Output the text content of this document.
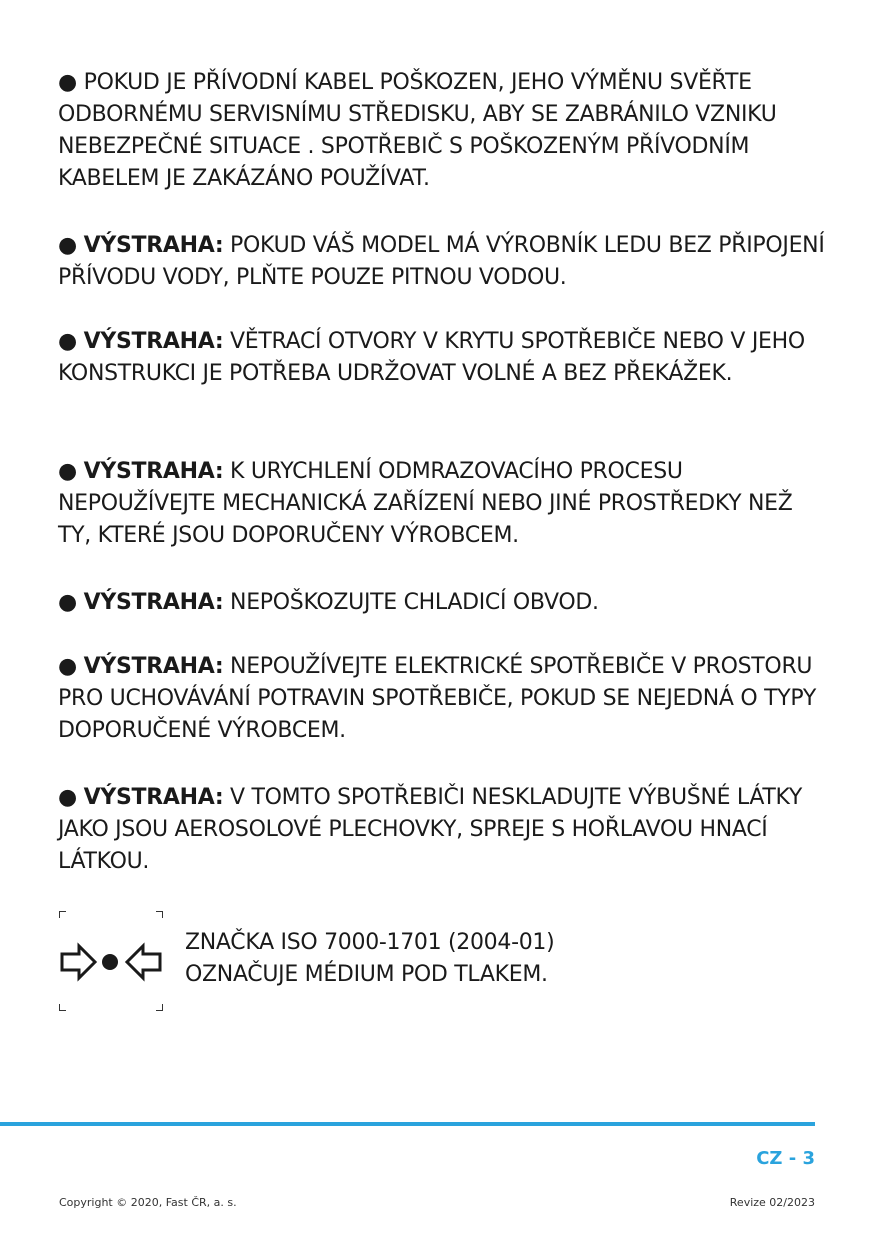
● POKUD JE PŘÍVODNÍ KABEL POŠKOZEN, JEHO VÝMĚNU SVĚŘTE ODBORNÉMU SERVISNÍMU STŘEDISKU, ABY SE ZABRÁNILO VZNIKU NEBEZPEČNÉ SITUACE . SPOTŘEBIČ S POŠKOZENÝM PŘÍVODNÍM KABELEM JE ZAKÁZÁNO POUŽÍVAT.

● VÝSTRAHA: POKUD VÁŠ MODEL MÁ VÝROBNÍK LEDU BEZ PŘIPOJENÍ PŘÍVODU VODY, PLŇTE POUZE PITNOU VODOU.

● VÝSTRAHA: VĚTRACÍ OTVORY V KRYTU SPOTŘEBIČE NEBO V JEHO KONSTRUKCI JE POTŘEBA UDRŽOVAT VOLNÉ A BEZ PŘEKÁŽEK.

● VÝSTRAHA: K URYCHLENÍ ODMRAZOVACÍHO PROCESU NEPOUŽÍVEJTE MECHANICKÁ ZAŘÍZENÍ NEBO JINÉ PROSTŘEDKY NEŽ TY, KTERÉ JSOU DOPORUČENY VÝROBCEM.

● VÝSTRAHA: NEPOŠKOZUJTE CHLADICÍ OBVOD.

● VÝSTRAHA: NEPOUŽÍVEJTE ELEKTRICKÉ SPOTŘEBIČE V PROSTORU PRO UCHOVÁVÁNÍ POTRAVIN SPOTŘEBIČE, POKUD SE NEJEDNÁ O TYPY DOPORUČENÉ VÝROBCEM.

● VÝSTRAHA: V TOMTO SPOTŘEBIČI NESKLADUJTE VÝBUŠNÉ LÁTKY JAKO JSOU AEROSOLOVÉ PLECHOVKY, SPREJE S HOŘLAVOU HNACÍ LÁTKOU.

ZNAČKA ISO 7000-1701 (2004-01)
OZNAČUJE MÉDIUM POD TLAKEM.

CZ - 3
Copyright © 2020, Fast ČR, a. s.	Revize 02/2023
